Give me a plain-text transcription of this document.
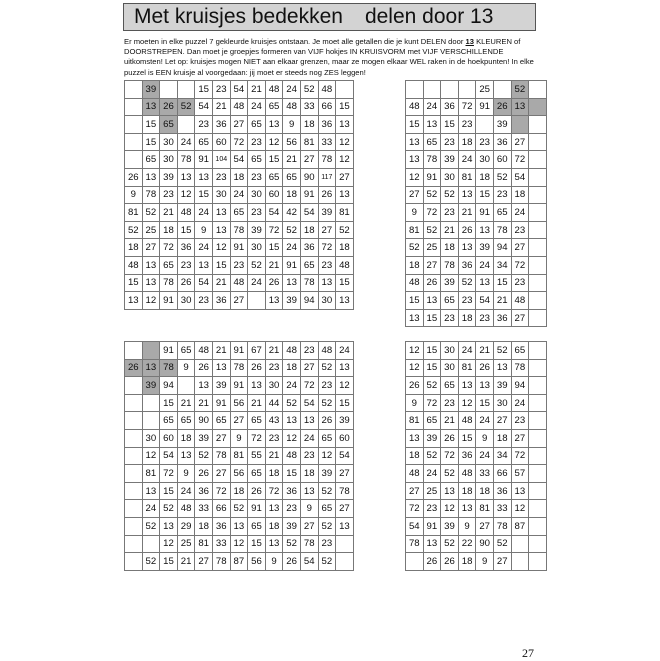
Met kruisjes bedekken delen door 13
Er moeten in elke puzzel 7 gekleurde kruisjes ontstaan. Je moet alle getallen die je kunt DELEN door 13 KLEUREN of DOORSTREPEN. Dan moet je groepjes formeren van VIJF hokjes IN KRUISVORM met VIJF VERSCHILLENDE uitkomsten! Let op: kruisjes mogen NIET aan elkaar grenzen, maar ze mogen elkaar WEL raken in de hoekpunten! In elke puzzel is EEN kruisje al voorgedaan: jij moet er steeds nog ZES leggen!
	39			15	23	54	21	48	24	52	48	
	13	26	52	54	21	48	24	65	48	33	66	15
	15	65		23	36	27	65	13	9	18	36	13
	15	30	24	65	60	72	23	12	56	81	33	12
	65	30	78	91	104	54	65	15	21	27	78	12
26	13	39	13	13	23	18	23	65	65	90	117	27
9	78	23	12	15	30	24	30	60	18	91	26	13
81	52	21	48	24	13	65	23	54	42	54	39	81
52	25	18	15	9	13	78	39	72	52	18	27	52
18	27	72	36	24	12	91	30	15	24	36	72	18
48	13	65	23	13	15	23	52	21	91	65	23	48
15	13	78	26	54	21	48	24	26	13	78	13	15
13	12	91	30	23	36	27		13	39	94	30	13
				25		52	
48	24	36	72	91	26	13	
15	13	15	23		39		
13	65	23	18	23	36	27	
13	78	39	24	30	60	72	
12	91	30	81	18	52	54	
27	52	52	13	15	23	18	
9	72	23	21	91	65	24	
81	52	21	26	13	78	23	
52	25	18	13	39	94	27	
18	27	78	36	24	34	72	
48	26	39	52	13	15	23	
15	13	65	23	54	21	48	
13	15	23	18	23	36	27	
		91	65	48	21	91	67	21	48	23	48	24
26	13	78	9	26	13	78	26	23	18	27	52	13
	39	94		13	39	91	13	30	24	72	23	12
		15	21	21	91	56	21	44	52	54	52	15
		65	65	90	65	27	65	43	13	13	26	39
	30	60	18	39	27	9	72	23	12	24	65	60
	12	54	13	52	78	81	55	21	48	23	12	54
	81	72	9	26	27	56	65	18	15	18	39	27
	13	15	24	36	72	18	26	72	36	13	52	78
	24	52	48	33	66	52	91	13	23	9	65	27
	52	13	29	18	36	13	65	18	39	27	52	13
		12	25	81	33	12	15	13	52	78	23	
	52	15	21	27	78	87	56	9	26	54	52	
12	15	30	24	21	52	65	
12	15	30	81	26	13	78	
26	52	65	13	13	39	94	
9	72	23	12	15	30	24	
81	65	21	48	24	27	23	
13	39	26	15	9	18	27	
18	52	72	36	24	34	72	
48	24	52	48	33	66	57	
27	25	13	18	18	36	13	
72	23	12	13	81	33	12	
54	91	39	9	27	78	87	
78	13	52	22	90	52		
	26	26	18	9	27		
27
